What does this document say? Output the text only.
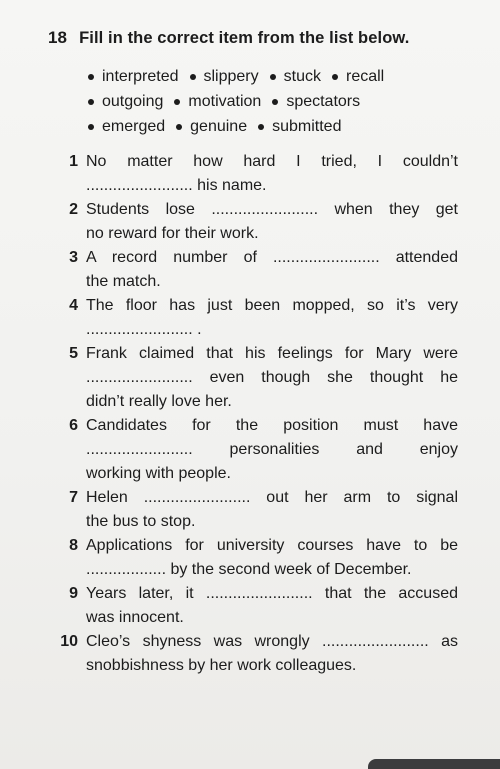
18 Fill in the correct item from the list below.
interpreted slippery stuck recall
outgoing motivation spectators
emerged genuine submitted
1 No matter how hard I tried, I couldn’t
........................ his name.
2 Students lose ........................ when they get
no reward for their work.
3 A record number of ........................ attended
the match.
4 The floor has just been mopped, so it’s very
........................ .
5 Frank claimed that his feelings for Mary were
........................ even though she thought he
didn’t really love her.
6 Candidates for the position must have
........................ personalities and enjoy
working with people.
7 Helen ........................ out her arm to signal
the bus to stop.
8 Applications for university courses have to be
.................. by the second week of December.
9 Years later, it ........................ that the accused
was innocent.
10 Cleo’s shyness was wrongly ........................ as
snobbishness by her work colleagues.
